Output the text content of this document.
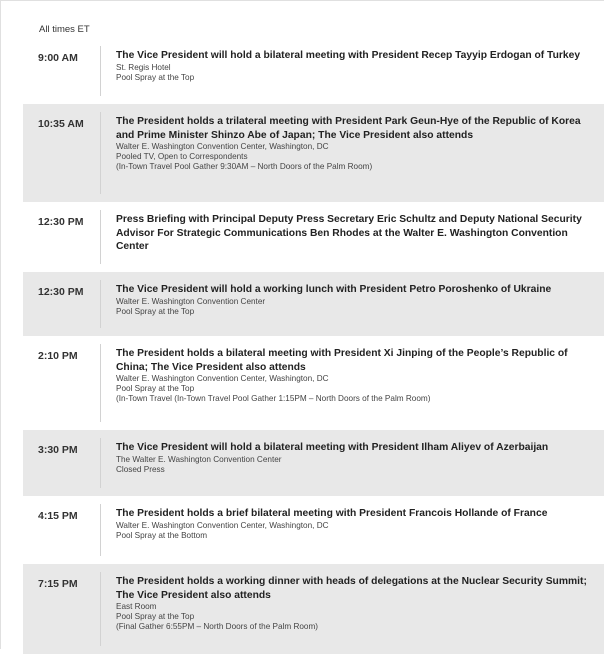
All times ET
9:00 AM	The Vice President will hold a bilateral meeting with President Recep Tayyip Erdogan of Turkey
St. Regis Hotel
Pool Spray at the Top
10:35 AM	The President holds a trilateral meeting with President Park Geun-Hye of the Republic of Korea and Prime Minister Shinzo Abe of Japan; The Vice President also attends
Walter E. Washington Convention Center, Washington, DC
Pooled TV, Open to Correspondents
(In-Town Travel Pool Gather 9:30AM – North Doors of the Palm Room)
12:30 PM	Press Briefing with Principal Deputy Press Secretary Eric Schultz and Deputy National Security Advisor For Strategic Communications Ben Rhodes at the Walter E. Washington Convention Center
12:30 PM	The Vice President will hold a working lunch with President Petro Poroshenko of Ukraine
Walter E. Washington Convention Center
Pool Spray at the Top
2:10 PM	The President holds a bilateral meeting with President Xi Jinping of the People’s Republic of China; The Vice President also attends
Walter E. Washington Convention Center, Washington, DC
Pool Spray at the Top
(In-Town Travel (In-Town Travel Pool Gather 1:15PM – North Doors of the Palm Room)
3:30 PM	The Vice President will hold a bilateral meeting with President Ilham Aliyev of Azerbaijan
The Walter E. Washington Convention Center
Closed Press
4:15 PM	The President holds a brief bilateral meeting with President Francois Hollande of France
Walter E. Washington Convention Center, Washington, DC
Pool Spray at the Bottom
7:15 PM	The President holds a working dinner with heads of delegations at the Nuclear Security Summit; The Vice President also attends
East Room
Pool Spray at the Top
(Final Gather 6:55PM – North Doors of the Palm Room)
